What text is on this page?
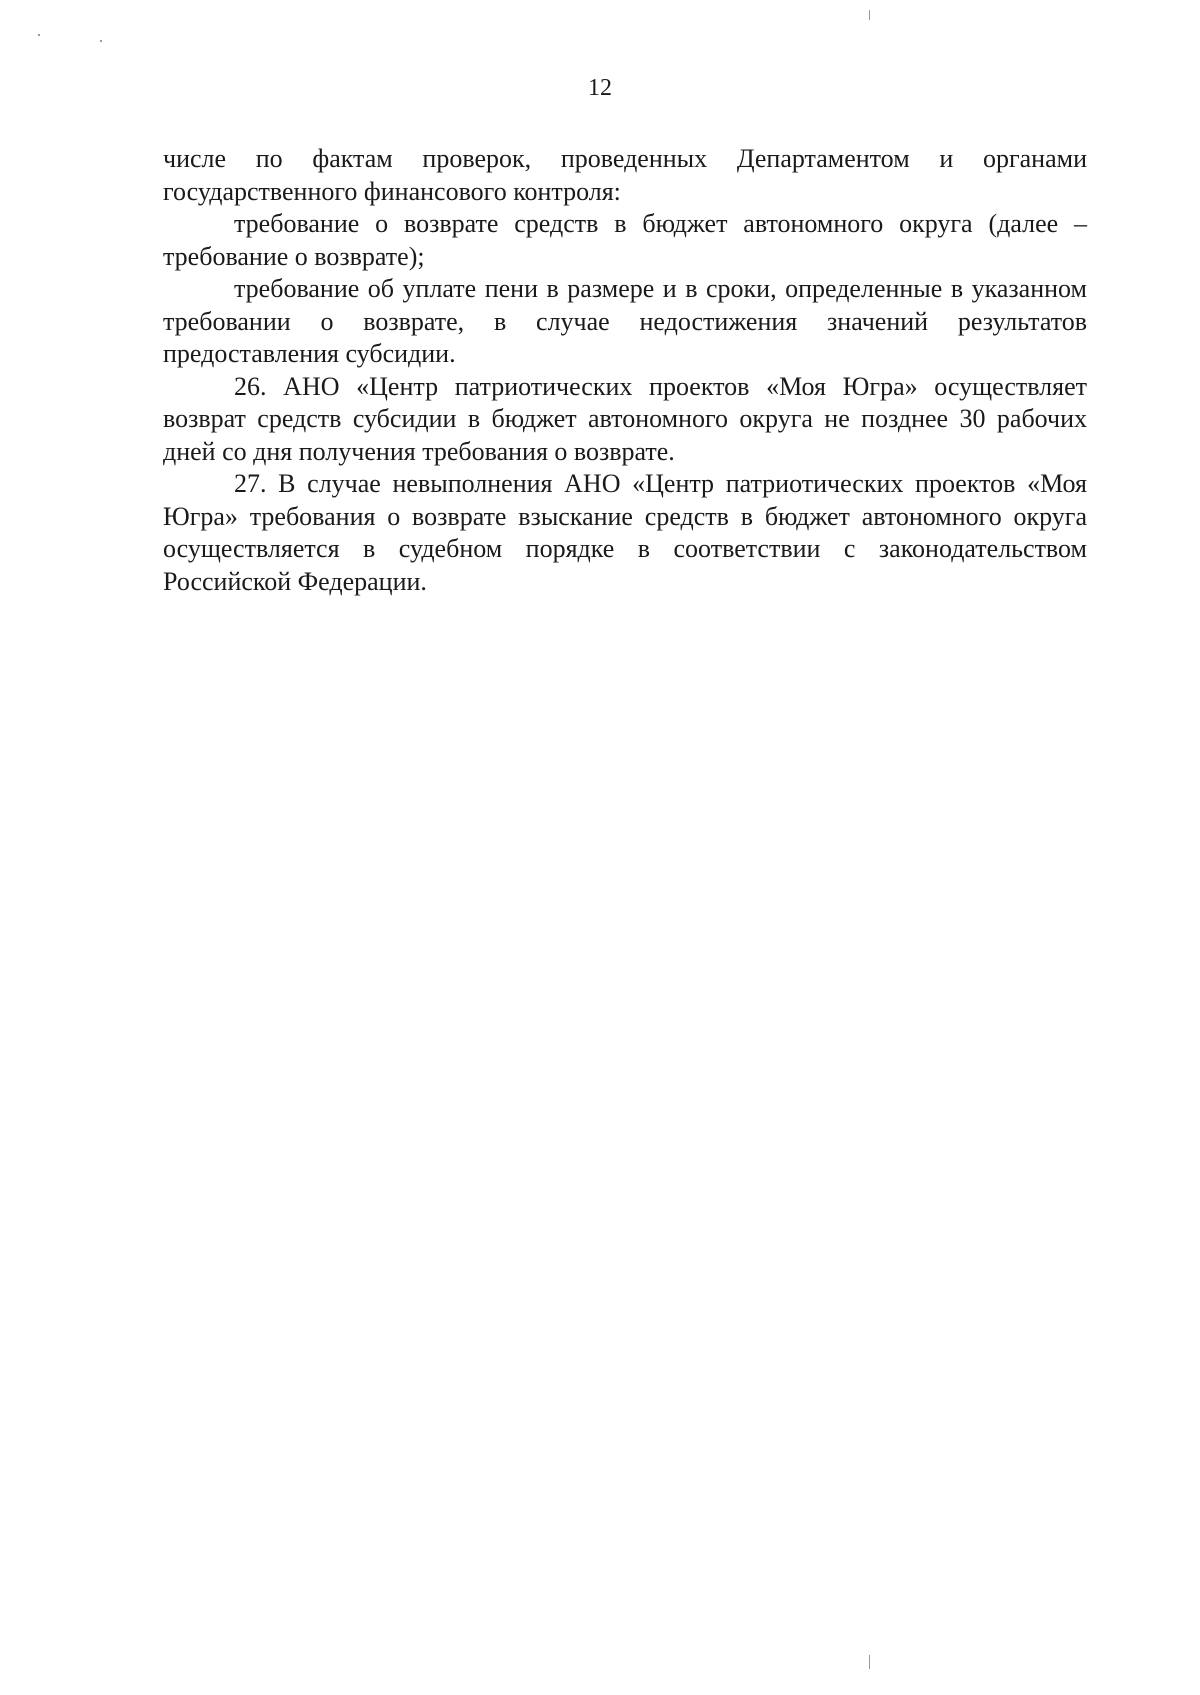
12

числе по фактам проверок, проведенных Департаментом и органами государственного финансового контроля:

требование о возврате средств в бюджет автономного округа (далее – требование о возврате);

требование об уплате пени в размере и в сроки, определенные в указанном требовании о возврате, в случае недостижения значений результатов предоставления субсидии.

26. АНО «Центр патриотических проектов «Моя Югра» осуществляет возврат средств субсидии в бюджет автономного округа не позднее 30 рабочих дней со дня получения требования о возврате.

27. В случае невыполнения АНО «Центр патриотических проектов «Моя Югра» требования о возврате взыскание средств в бюджет автономного округа осуществляется в судебном порядке в соответствии с законодательством Российской Федерации.
